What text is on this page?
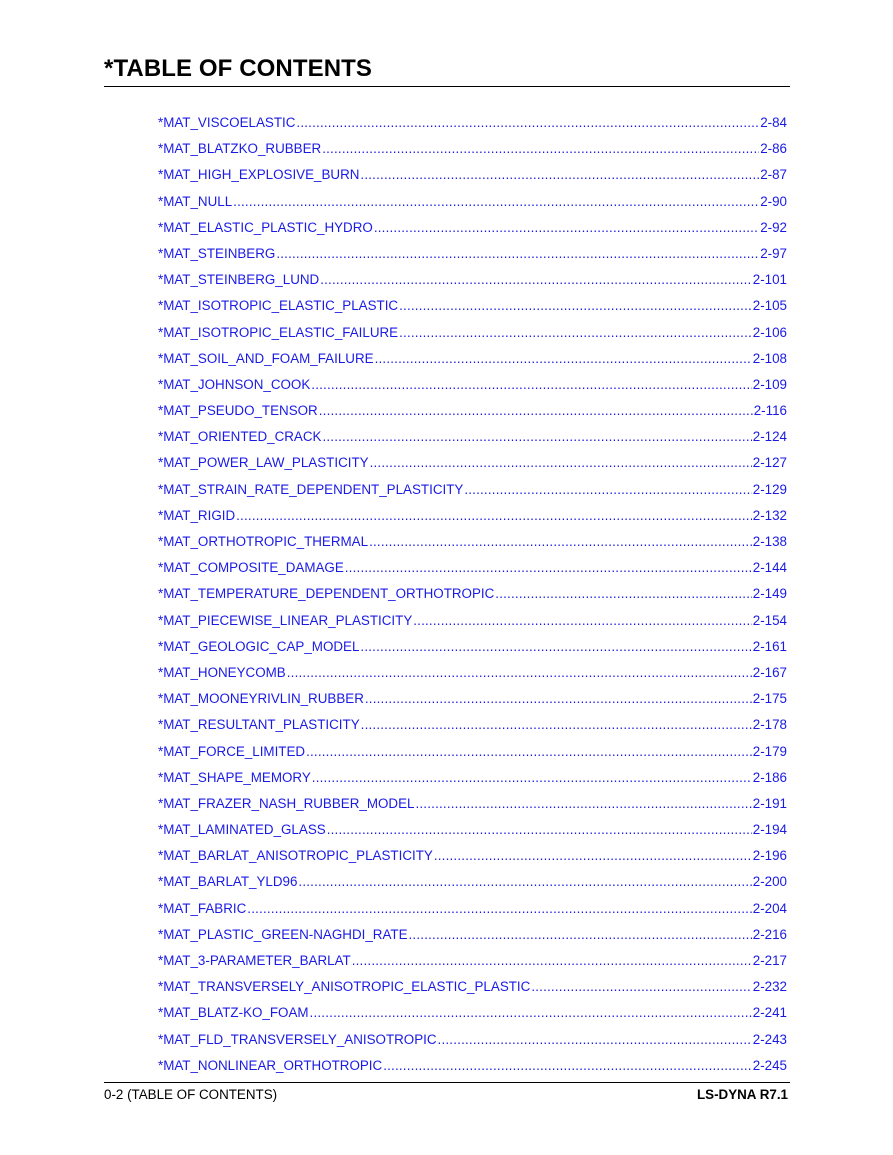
*TABLE OF CONTENTS
*MAT_VISCOELASTIC .....	2-84
*MAT_BLATZKO_RUBBER .....	2-86
*MAT_HIGH_EXPLOSIVE_BURN .....	2-87
*MAT_NULL .....	2-90
*MAT_ELASTIC_PLASTIC_HYDRO .....	2-92
*MAT_STEINBERG .....	2-97
*MAT_STEINBERG_LUND .....	2-101
*MAT_ISOTROPIC_ELASTIC_PLASTIC .....	2-105
*MAT_ISOTROPIC_ELASTIC_FAILURE .....	2-106
*MAT_SOIL_AND_FOAM_FAILURE .....	2-108
*MAT_JOHNSON_COOK .....	2-109
*MAT_PSEUDO_TENSOR .....	2-116
*MAT_ORIENTED_CRACK .....	2-124
*MAT_POWER_LAW_PLASTICITY .....	2-127
*MAT_STRAIN_RATE_DEPENDENT_PLASTICITY .....	2-129
*MAT_RIGID .....	2-132
*MAT_ORTHOTROPIC_THERMAL .....	2-138
*MAT_COMPOSITE_DAMAGE .....	2-144
*MAT_TEMPERATURE_DEPENDENT_ORTHOTROPIC .....	2-149
*MAT_PIECEWISE_LINEAR_PLASTICITY .....	2-154
*MAT_GEOLOGIC_CAP_MODEL .....	2-161
*MAT_HONEYCOMB .....	2-167
*MAT_MOONEYRIVLIN_RUBBER .....	2-175
*MAT_RESULTANT_PLASTICITY .....	2-178
*MAT_FORCE_LIMITED .....	2-179
*MAT_SHAPE_MEMORY .....	2-186
*MAT_FRAZER_NASH_RUBBER_MODEL .....	2-191
*MAT_LAMINATED_GLASS .....	2-194
*MAT_BARLAT_ANISOTROPIC_PLASTICITY .....	2-196
*MAT_BARLAT_YLD96 .....	2-200
*MAT_FABRIC .....	2-204
*MAT_PLASTIC_GREEN-NAGHDI_RATE .....	2-216
*MAT_3-PARAMETER_BARLAT .....	2-217
*MAT_TRANSVERSELY_ANISOTROPIC_ELASTIC_PLASTIC .....	2-232
*MAT_BLATZ-KO_FOAM .....	2-241
*MAT_FLD_TRANSVERSELY_ANISOTROPIC .....	2-243
*MAT_NONLINEAR_ORTHOTROPIC .....	2-245
0-2 (TABLE OF CONTENTS)	LS-DYNA R7.1
